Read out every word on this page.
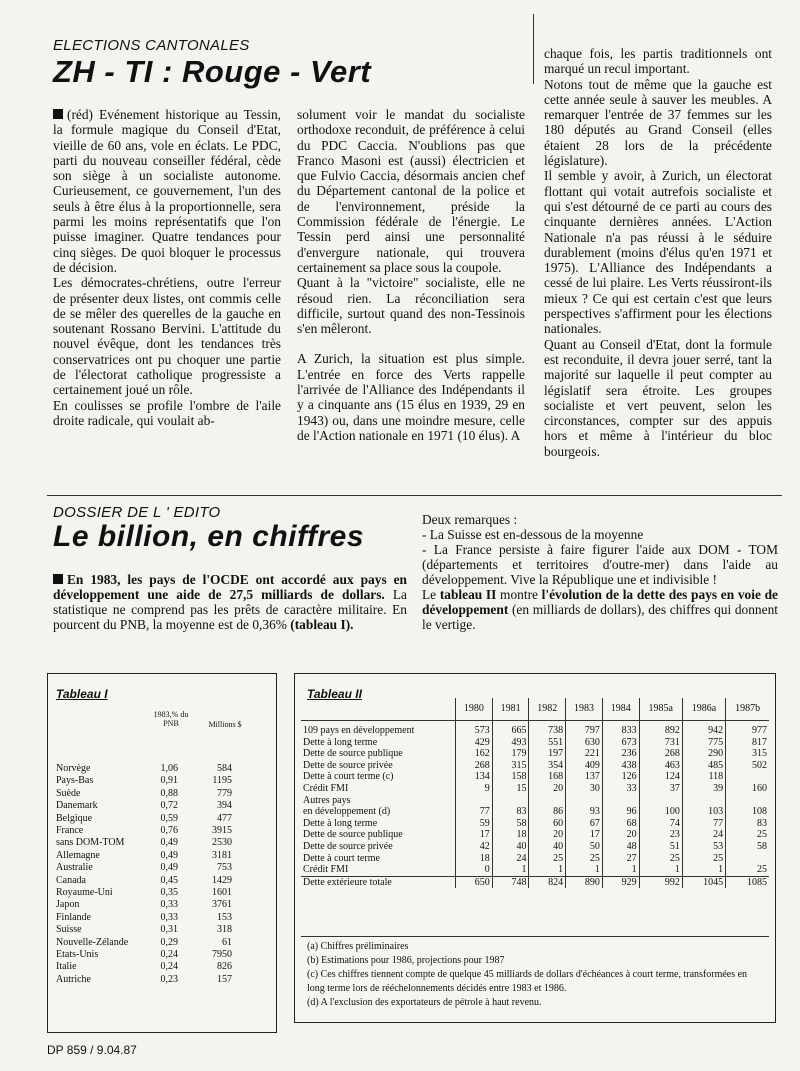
ELECTIONS CANTONALES
ZH - TI : Rouge - Vert

(réd) Evénement historique au Tessin, la formule magique du Conseil d'Etat, vieille de 60 ans, vole en éclats. Le PDC, parti du nouveau conseiller fédéral, cède son siège à un socialiste autonome. Curieusement, ce gouvernement, l'un des seuls à être élus à la proportionnelle, sera parmi les moins représentatifs que l'on puisse imaginer. Quatre tendances pour cinq sièges. De quoi bloquer le processus de décision.

Les démocrates-chrétiens, outre l'erreur de présenter deux listes, ont commis celle de se mêler des querelles de la gauche en soutenant Rossano Bervini. L'attitude du nouvel évêque, dont les tendances très conservatrices ont pu choquer une partie de l'électorat catholique progressiste a certainement joué un rôle.

En coulisses se profile l'ombre de l'aile droite radicale, qui voulait ab-

solument voir le mandat du socialiste orthodoxe reconduit, de préférence à celui du PDC Caccia. N'oublions pas que Franco Masoni est (aussi) électricien et que Fulvio Caccia, désormais ancien chef du Département cantonal de la police et de l'environnement, préside la Commission fédérale de l'énergie. Le Tessin perd ainsi une personnalité d'envergure nationale, qui trouvera certainement sa place sous la coupole.

Quant à la "victoire" socialiste, elle ne résoud rien. La réconciliation sera difficile, surtout quand des non-Tessinois s'en mêleront.

A Zurich, la situation est plus simple. L'entrée en force des Verts rappelle l'arrivée de l'Alliance des Indépendants il y a cinquante ans (15 élus en 1939, 29 en 1943) ou, dans une moindre mesure, celle de l'Action nationale en 1971 (10 élus). A

chaque fois, les partis traditionnels ont marqué un recul important.

Notons tout de même que la gauche est cette année seule à sauver les meubles. A remarquer l'entrée de 37 femmes sur les 180 députés au Grand Conseil (elles étaient 28 lors de la précédente législature).

Il semble y avoir, à Zurich, un électorat flottant qui votait autrefois socialiste et qui s'est détourné de ce parti au cours des cinquante dernières années. L'Action Nationale n'a pas réussi à le séduire durablement (moins d'élus qu'en 1971 et 1975). L'Alliance des Indépendants a cessé de lui plaire. Les Verts réussiront-ils mieux ? Ce qui est certain c'est que leurs perspectives s'affirment pour les élections nationales.

Quant au Conseil d'Etat, dont la formule est reconduite, il devra jouer serré, tant la majorité sur laquelle il peut compter au législatif sera étroite. Les groupes socialiste et vert peuvent, selon les circonstances, compter sur des appuis hors et même à l'intérieur du bloc bourgeois.

DOSSIER DE L ' EDITO
Le billion, en chiffres
En 1983, les pays de l'OCDE ont accordé aux pays en développement une aide de 27,5 milliards de dollars. La statistique ne comprend pas les prêts de caractère militaire. En pourcent du PNB, la moyenne est de 0,36% (tableau I).

Deux remarques :

- La Suisse est en-dessous de la moyenne

- La France persiste à faire figurer l'aide aux DOM - TOM (départements et territoires d'outre-mer) dans l'aide au développement. Vive la République une et indivisible !

Le tableau II montre l'évolution de la dette des pays en voie de développement (en milliards de dollars), des chiffres qui donnent le vertige.

Tableau I
1983,% du PNB	Millions $
Norvège	1,06	584
Pays-Bas	0,91	1195
Suède	0,88	779
Danemark	0,72	394
Belgique	0,59	477
France	0,76	3915
sans DOM-TOM	0,49	2530
Allemagne	0,49	3181
Australie	0,49	753
Canada	0,45	1429
Royaume-Uni	0,35	1601
Japon	0,33	3761
Finlande	0,33	153
Suisse	0,31	318
Nouvelle-Zélande	0,29	61
Etats-Unis	0,24	7950
Italie	0,24	826
Autriche	0,23	157
Tableau II
	1980	1981	1982	1983	1984	1985a	1986a	1987b
109 pays en développement	573	665	738	797	833	892	942	977
Dette à long terme	429	493	551	630	673	731	775	817
Dette de source publique	162	179	197	221	236	268	290	315
Dette de source privée	268	315	354	409	438	463	485	502
Dette à court terme (c)	134	158	168	137	126	124	118	
Crédit FMI	9	15	20	30	33	37	39	160
Autres pays								
en développement (d)	77	83	86	93	96	100	103	108
Dette à long terme	59	58	60	67	68	74	77	83
Dette de source publique	17	18	20	17	20	23	24	25
Dette de source privée	42	40	40	50	48	51	53	58
Dette à court terme	18	24	25	25	27	25	25	
Crédit FMI	0	1	1	1	1	1	1	25
Dette extérieure totale	650	748	824	890	929	992	1045	1085
(a) Chiffres préliminaires
(b) Estimations pour 1986, projections pour 1987
(c) Ces chiffres tiennent compte de quelque 45 milliards de dollars d'échéances à court terme, transformées en long terme lors de rééchelonnements décidés entre 1983 et 1986.
(d) A l'exclusion des exportateurs de pétrole à haut revenu.
DP 859 / 9.04.87
